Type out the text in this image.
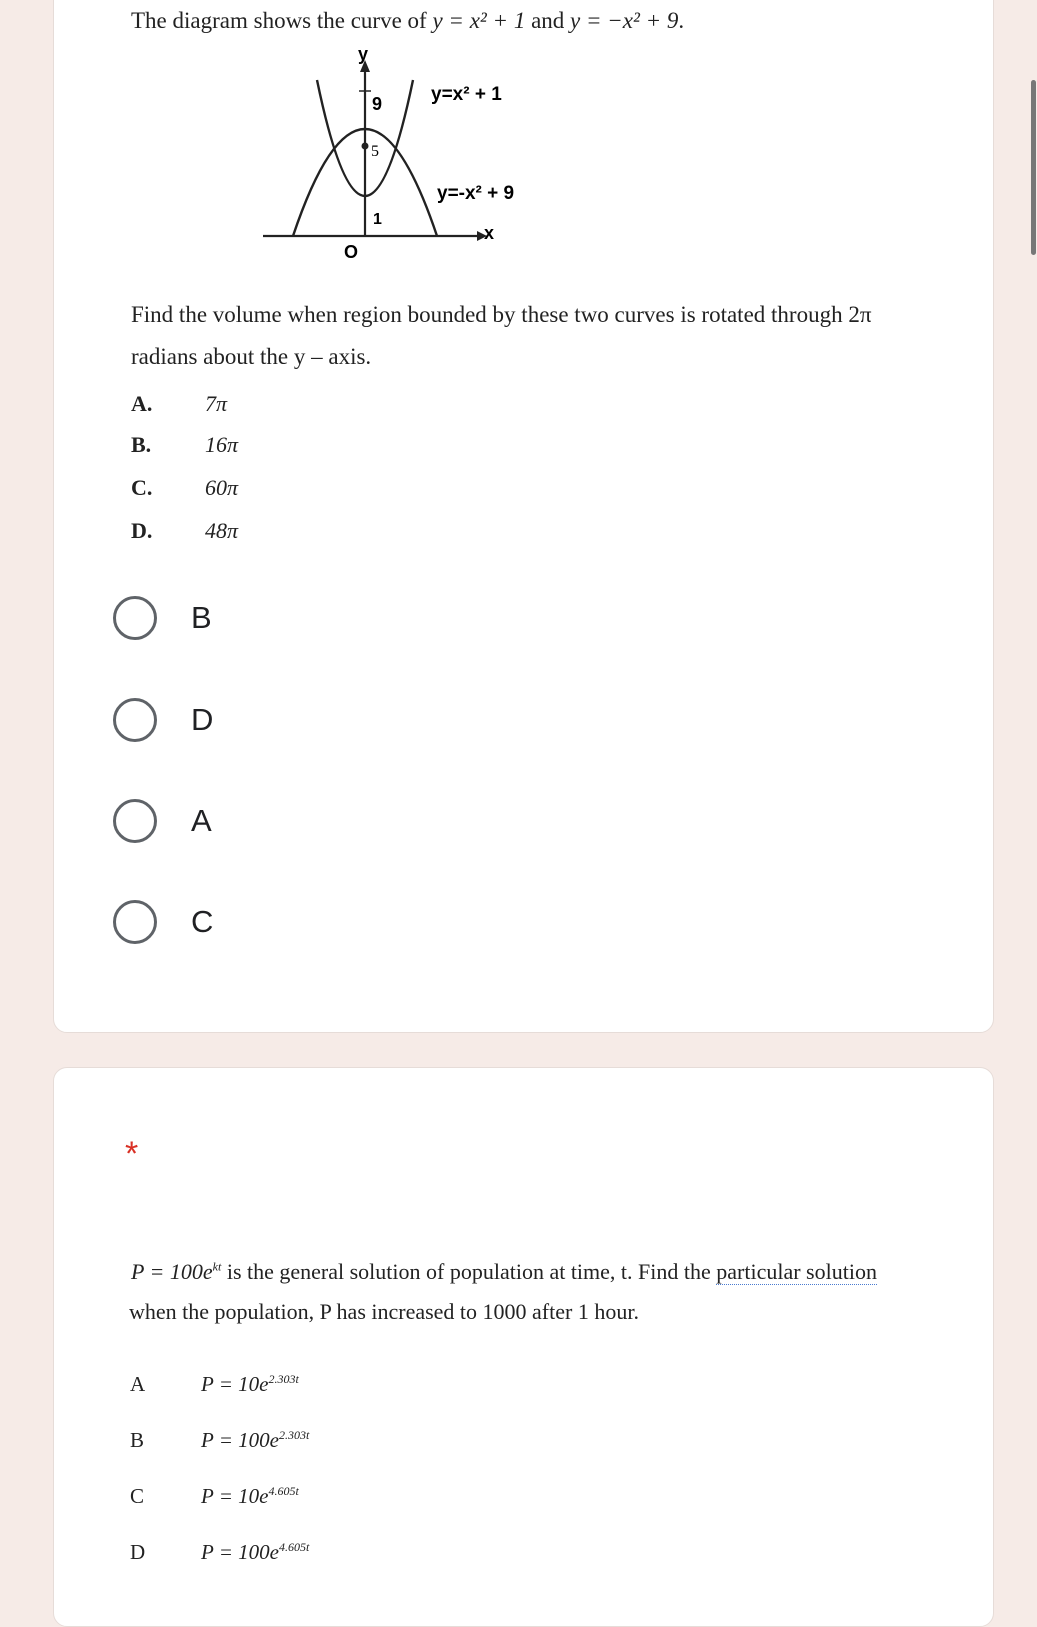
The diagram shows the curve of y = x² + 1 and y = −x² + 9.
y
x
O
9
5
1
y=x² + 1
y=-x² + 9
Find the volume when region bounded by these two curves is rotated through 2π
radians about the y – axis.
A. 7π
B. 16π
C. 60π
D. 48π
B
D
A
C
*
$P = 100e^{kt}$ is the general solution of population at time, t. Find the particular solution
when the population, P has increased to 1000 after 1 hour.
A	$P = 10e^{2.303t}$
B	$P = 100e^{2.303t}$
C	$P = 10e^{4.605t}$
D	$P = 100e^{4.605t}$
